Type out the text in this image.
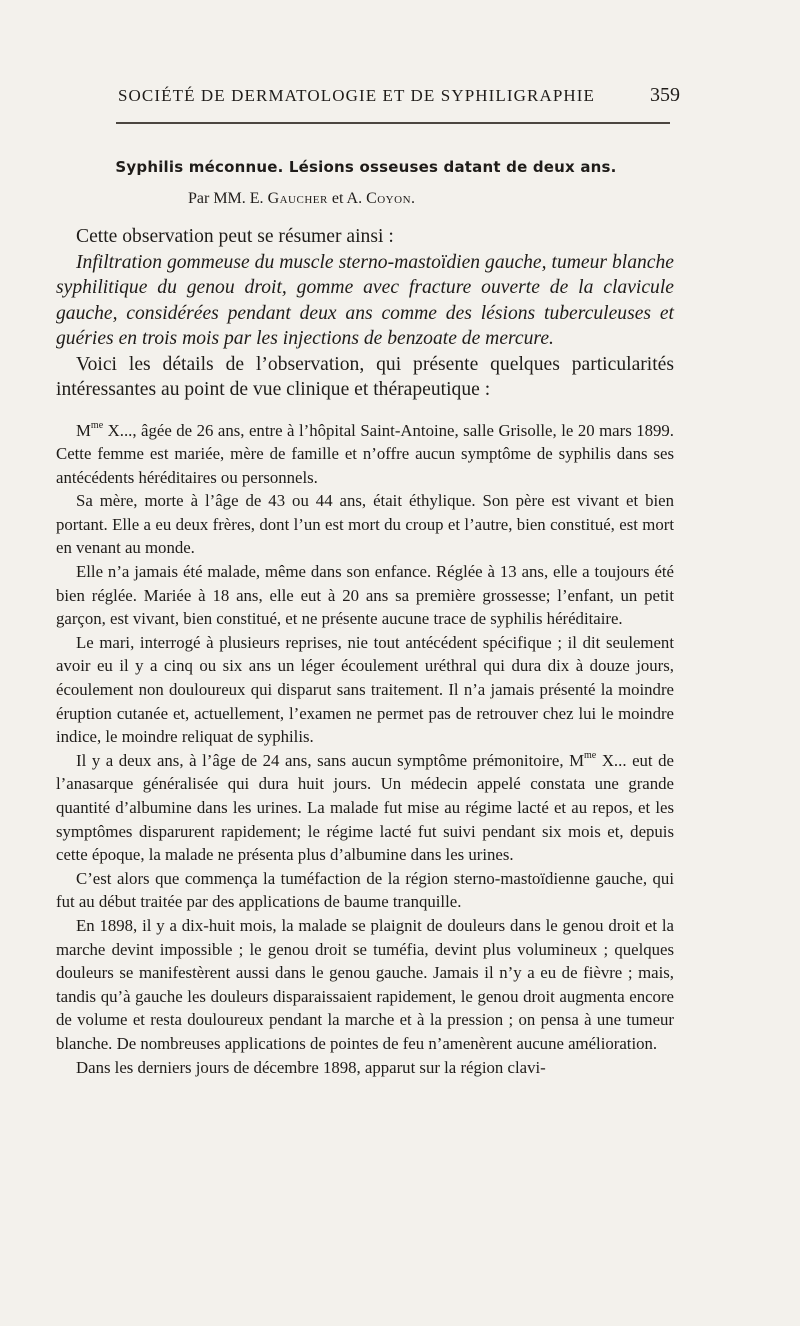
SOCIÉTÉ DE DERMATOLOGIE ET DE SYPHILIGRAPHIE	359
Syphilis méconnue. Lésions osseuses datant de deux ans.
Par MM. E. Gaucher et A. Coyon.

Cette observation peut se résumer ainsi :

Infiltration gommeuse du muscle sterno-mastoïdien gauche, tumeur blanche syphilitique du genou droit, gomme avec fracture ouverte de la clavicule gauche, considérées pendant deux ans comme des lésions tuberculeuses et guéries en trois mois par les injections de benzoate de mercure.

Voici les détails de l’observation, qui présente quelques particularités intéressantes au point de vue clinique et thérapeutique :

$M^{me}$ X..., âgée de 26 ans, entre à l’hôpital Saint-Antoine, salle Grisolle, le 20 mars 1899. Cette femme est mariée, mère de famille et n’offre aucun symptôme de syphilis dans ses antécédents héréditaires ou personnels.

Sa mère, morte à l’âge de 43 ou 44 ans, était éthylique. Son père est vivant et bien portant. Elle a eu deux frères, dont l’un est mort du croup et l’autre, bien constitué, est mort en venant au monde.

Elle n’a jamais été malade, même dans son enfance. Réglée à 13 ans, elle a toujours été bien réglée. Mariée à 18 ans, elle eut à 20 ans sa première grossesse; l’enfant, un petit garçon, est vivant, bien constitué, et ne présente aucune trace de syphilis héréditaire.

Le mari, interrogé à plusieurs reprises, nie tout antécédent spécifique ; il dit seulement avoir eu il y a cinq ou six ans un léger écoulement uréthral qui dura dix à douze jours, écoulement non douloureux qui disparut sans traitement. Il n’a jamais présenté la moindre éruption cutanée et, actuellement, l’examen ne permet pas de retrouver chez lui le moindre indice, le moindre reliquat de syphilis.

Il y a deux ans, à l’âge de 24 ans, sans aucun symptôme prémonitoire, $M^{me}$ X... eut de l’anasarque généralisée qui dura huit jours. Un médecin appelé constata une grande quantité d’albumine dans les urines. La malade fut mise au régime lacté et au repos, et les symptômes disparurent rapidement; le régime lacté fut suivi pendant six mois et, depuis cette époque, la malade ne présenta plus d’albumine dans les urines.

C’est alors que commença la tuméfaction de la région sterno-mastoïdienne gauche, qui fut au début traitée par des applications de baume tranquille.

En 1898, il y a dix-huit mois, la malade se plaignit de douleurs dans le genou droit et la marche devint impossible ; le genou droit se tuméfia, devint plus volumineux ; quelques douleurs se manifestèrent aussi dans le genou gauche. Jamais il n’y a eu de fièvre ; mais, tandis qu’à gauche les douleurs disparaissaient rapidement, le genou droit augmenta encore de volume et resta douloureux pendant la marche et à la pression ; on pensa à une tumeur blanche. De nombreuses applications de pointes de feu n’amenèrent aucune amélioration.

Dans les derniers jours de décembre 1898, apparut sur la région clavi-
